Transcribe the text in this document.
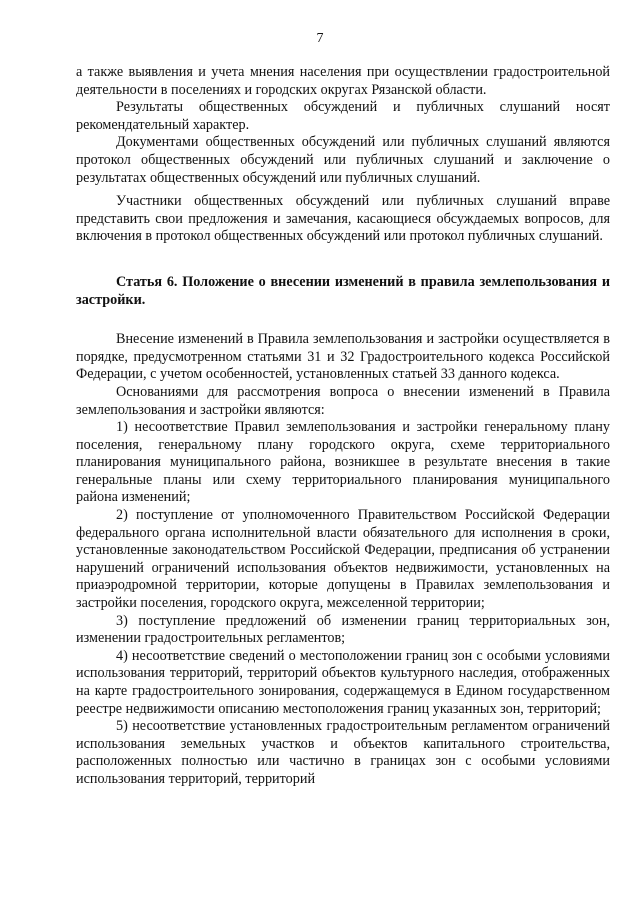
7

а также выявления и учета мнения населения при осуществлении градостроительной деятельности в поселениях и городских округах Рязанской области.

Результаты общественных обсуждений и публичных слушаний носят рекомендательный характер.

Документами общественных обсуждений или публичных слушаний являются протокол общественных обсуждений или публичных слушаний и заключение о результатах общественных обсуждений или публичных слушаний.

Участники общественных обсуждений или публичных слушаний вправе представить свои предложения и замечания, касающиеся обсуждаемых вопросов, для включения в протокол общественных обсуждений или протокол публичных слушаний.

Статья 6. Положение о внесении изменений в правила землепользования и застройки.

Внесение изменений в Правила землепользования и застройки осуществляется в порядке, предусмотренном статьями 31 и 32 Градостроительного кодекса Российской Федерации, с учетом особенностей, установленных статьей 33 данного кодекса.

Основаниями для рассмотрения вопроса о внесении изменений в Правила землепользования и застройки являются:

1) несоответствие Правил землепользования и застройки генеральному плану поселения, генеральному плану городского округа, схеме территориального планирования муниципального района, возникшее в результате внесения в такие генеральные планы или схему территориального планирования муниципального района изменений;

2) поступление от уполномоченного Правительством Российской Федерации федерального органа исполнительной власти обязательного для исполнения в сроки, установленные законодательством Российской Федерации, предписания об устранении нарушений ограничений использования объектов недвижимости, установленных на приаэродромной территории, которые допущены в Правилах землепользования и застройки поселения, городского округа, межселенной территории;

3) поступление предложений об изменении границ территориальных зон, изменении градостроительных регламентов;

4) несоответствие сведений о местоположении границ зон с особыми условиями использования территорий, территорий объектов культурного наследия, отображенных на карте градостроительного зонирования, содержащемуся в Едином государственном реестре недвижимости описанию местоположения границ указанных зон, территорий;

5) несоответствие установленных градостроительным регламентом ограничений использования земельных участков и объектов капитального строительства, расположенных полностью или частично в границах зон с особыми условиями использования территорий, территорий
